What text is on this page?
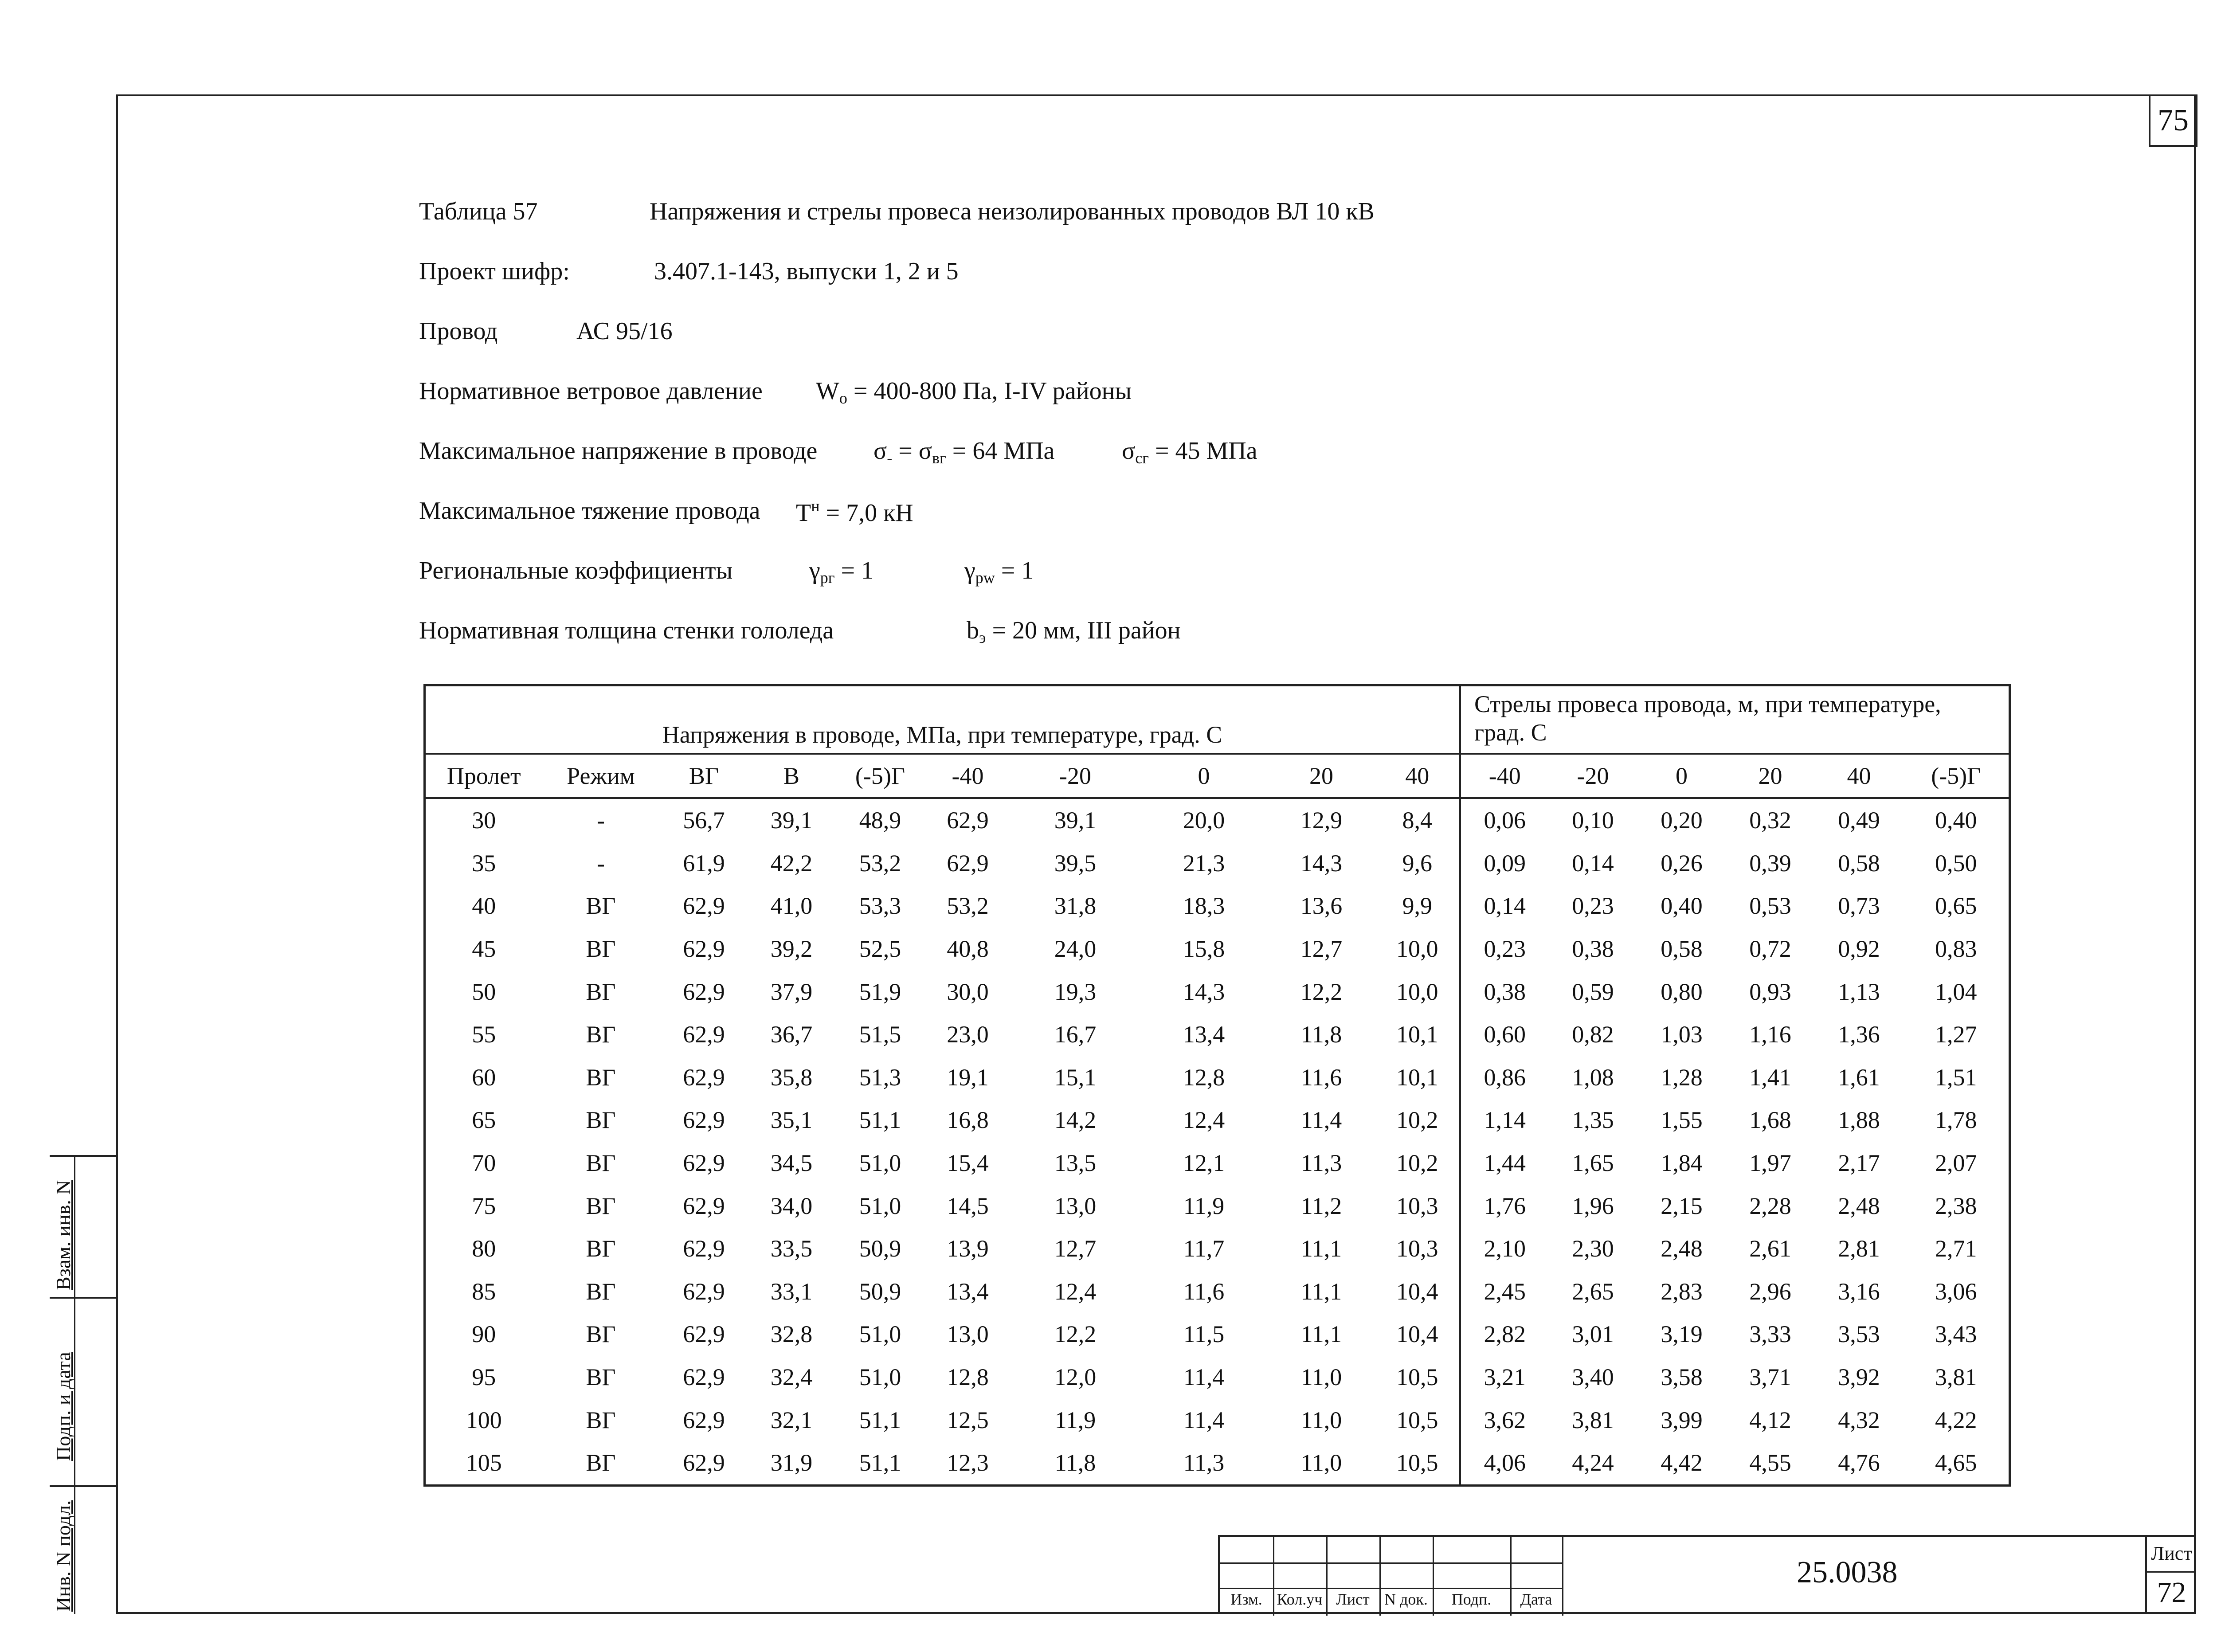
75
Таблица 57	Напряжения и стрелы провеса неизолированных проводов ВЛ 10 кВ
Проект шифр:	3.407.1-143, выпуски 1, 2 и 5
Провод	АС 95/16
Нормативное ветровое давление $W_o = 400-800$ Па, I-IV районы
Максимальное напряжение в проводе $\sigma_- = \sigma_{вг} = 64$ МПа	$\sigma_{сг} = 45$ МПа
Максимальное тяжение провода $T^н = 7,0$ кН
Региональные коэффициенты	$\gamma_{pг} = 1$	$\gamma_{pw} = 1$
Нормативная толщина стенки гололеда	$b_э = 20$ мм, III район
Напряжения в проводе, МПа, при температуре, град. С										Стрелы провеса провода, м, при температуре,
град. С					

Пролет	Режим	ВГ	В	(-5)Г	-40	-20	0	20	40	-40	-20	0	20	40	(-5)Г
30	-	56,7	39,1	48,9	62,9	39,1	20,0	12,9	8,4	0,06	0,10	0,20	0,32	0,49	0,40
35	-	61,9	42,2	53,2	62,9	39,5	21,3	14,3	9,6	0,09	0,14	0,26	0,39	0,58	0,50
40	ВГ	62,9	41,0	53,3	53,2	31,8	18,3	13,6	9,9	0,14	0,23	0,40	0,53	0,73	0,65
45	ВГ	62,9	39,2	52,5	40,8	24,0	15,8	12,7	10,0	0,23	0,38	0,58	0,72	0,92	0,83
50	ВГ	62,9	37,9	51,9	30,0	19,3	14,3	12,2	10,0	0,38	0,59	0,80	0,93	1,13	1,04
55	ВГ	62,9	36,7	51,5	23,0	16,7	13,4	11,8	10,1	0,60	0,82	1,03	1,16	1,36	1,27
60	ВГ	62,9	35,8	51,3	19,1	15,1	12,8	11,6	10,1	0,86	1,08	1,28	1,41	1,61	1,51
65	ВГ	62,9	35,1	51,1	16,8	14,2	12,4	11,4	10,2	1,14	1,35	1,55	1,68	1,88	1,78
70	ВГ	62,9	34,5	51,0	15,4	13,5	12,1	11,3	10,2	1,44	1,65	1,84	1,97	2,17	2,07
75	ВГ	62,9	34,0	51,0	14,5	13,0	11,9	11,2	10,3	1,76	1,96	2,15	2,28	2,48	2,38
80	ВГ	62,9	33,5	50,9	13,9	12,7	11,7	11,1	10,3	2,10	2,30	2,48	2,61	2,81	2,71
85	ВГ	62,9	33,1	50,9	13,4	12,4	11,6	11,1	10,4	2,45	2,65	2,83	2,96	3,16	3,06
90	ВГ	62,9	32,8	51,0	13,0	12,2	11,5	11,1	10,4	2,82	3,01	3,19	3,33	3,53	3,43
95	ВГ	62,9	32,4	51,0	12,8	12,0	11,4	11,0	10,5	3,21	3,40	3,58	3,71	3,92	3,81
100	ВГ	62,9	32,1	51,1	12,5	11,9	11,4	11,0	10,5	3,62	3,81	3,99	4,12	4,32	4,22
105	ВГ	62,9	31,9	51,1	12,3	11,8	11,3	11,0	10,5	4,06	4,24	4,42	4,55	4,76	4,65
Взам. инв. N
Подп. и дата
Инв. N подл.	Изм. Кол.уч Лист N док.	Подп.	Дата
25.0038
Лист
72
